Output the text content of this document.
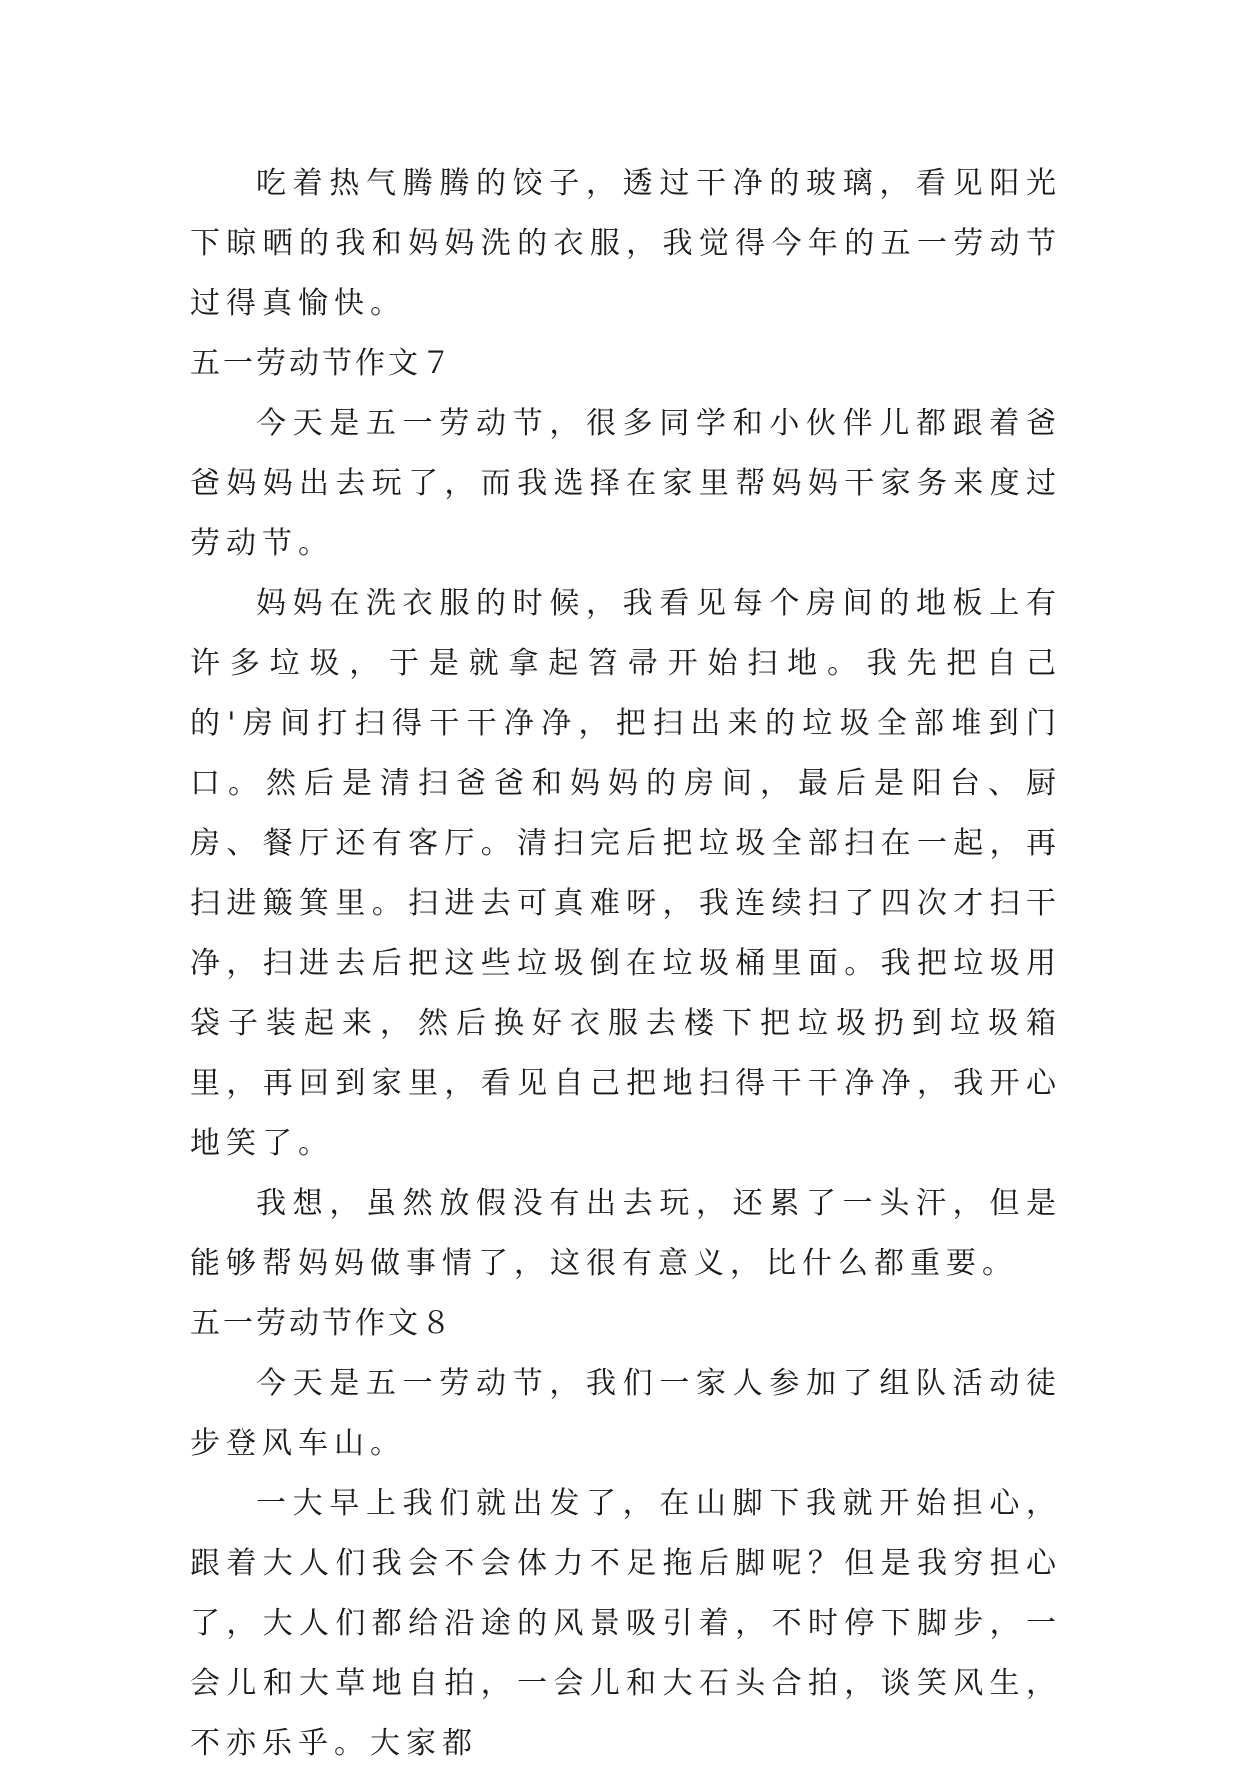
吃着热气腾腾的饺子，透过干净的玻璃，看见阳光下晾晒的我和妈妈洗的衣服，我觉得今年的五一劳动节过得真愉快。

五一劳动节作文７

今天是五一劳动节，很多同学和小伙伴儿都跟着爸爸妈妈出去玩了，而我选择在家里帮妈妈干家务来度过劳动节。

妈妈在洗衣服的时候，我看见每个房间的地板上有许多垃圾，于是就拿起笤帚开始扫地。我先把自己的'房间打扫得干干净净，把扫出来的垃圾全部堆到门口。然后是清扫爸爸和妈妈的房间，最后是阳台、厨房、餐厅还有客厅。清扫完后把垃圾全部扫在一起，再扫进簸箕里。扫进去可真难呀，我连续扫了四次才扫干净，扫进去后把这些垃圾倒在垃圾桶里面。我把垃圾用袋子装起来，然后换好衣服去楼下把垃圾扔到垃圾箱里，再回到家里，看见自己把地扫得干干净净，我开心地笑了。

我想，虽然放假没有出去玩，还累了一头汗，但是能够帮妈妈做事情了，这很有意义，比什么都重要。

五一劳动节作文８

今天是五一劳动节，我们一家人参加了组队活动徒步登风车山。

一大早上我们就出发了，在山脚下我就开始担心，跟着大人们我会不会体力不足拖后脚呢？但是我穷担心了，大人们都给沿途的风景吸引着，不时停下脚步，一会儿和大草地自拍，一会儿和大石头合拍，谈笑风生，不亦乐乎。大家都
